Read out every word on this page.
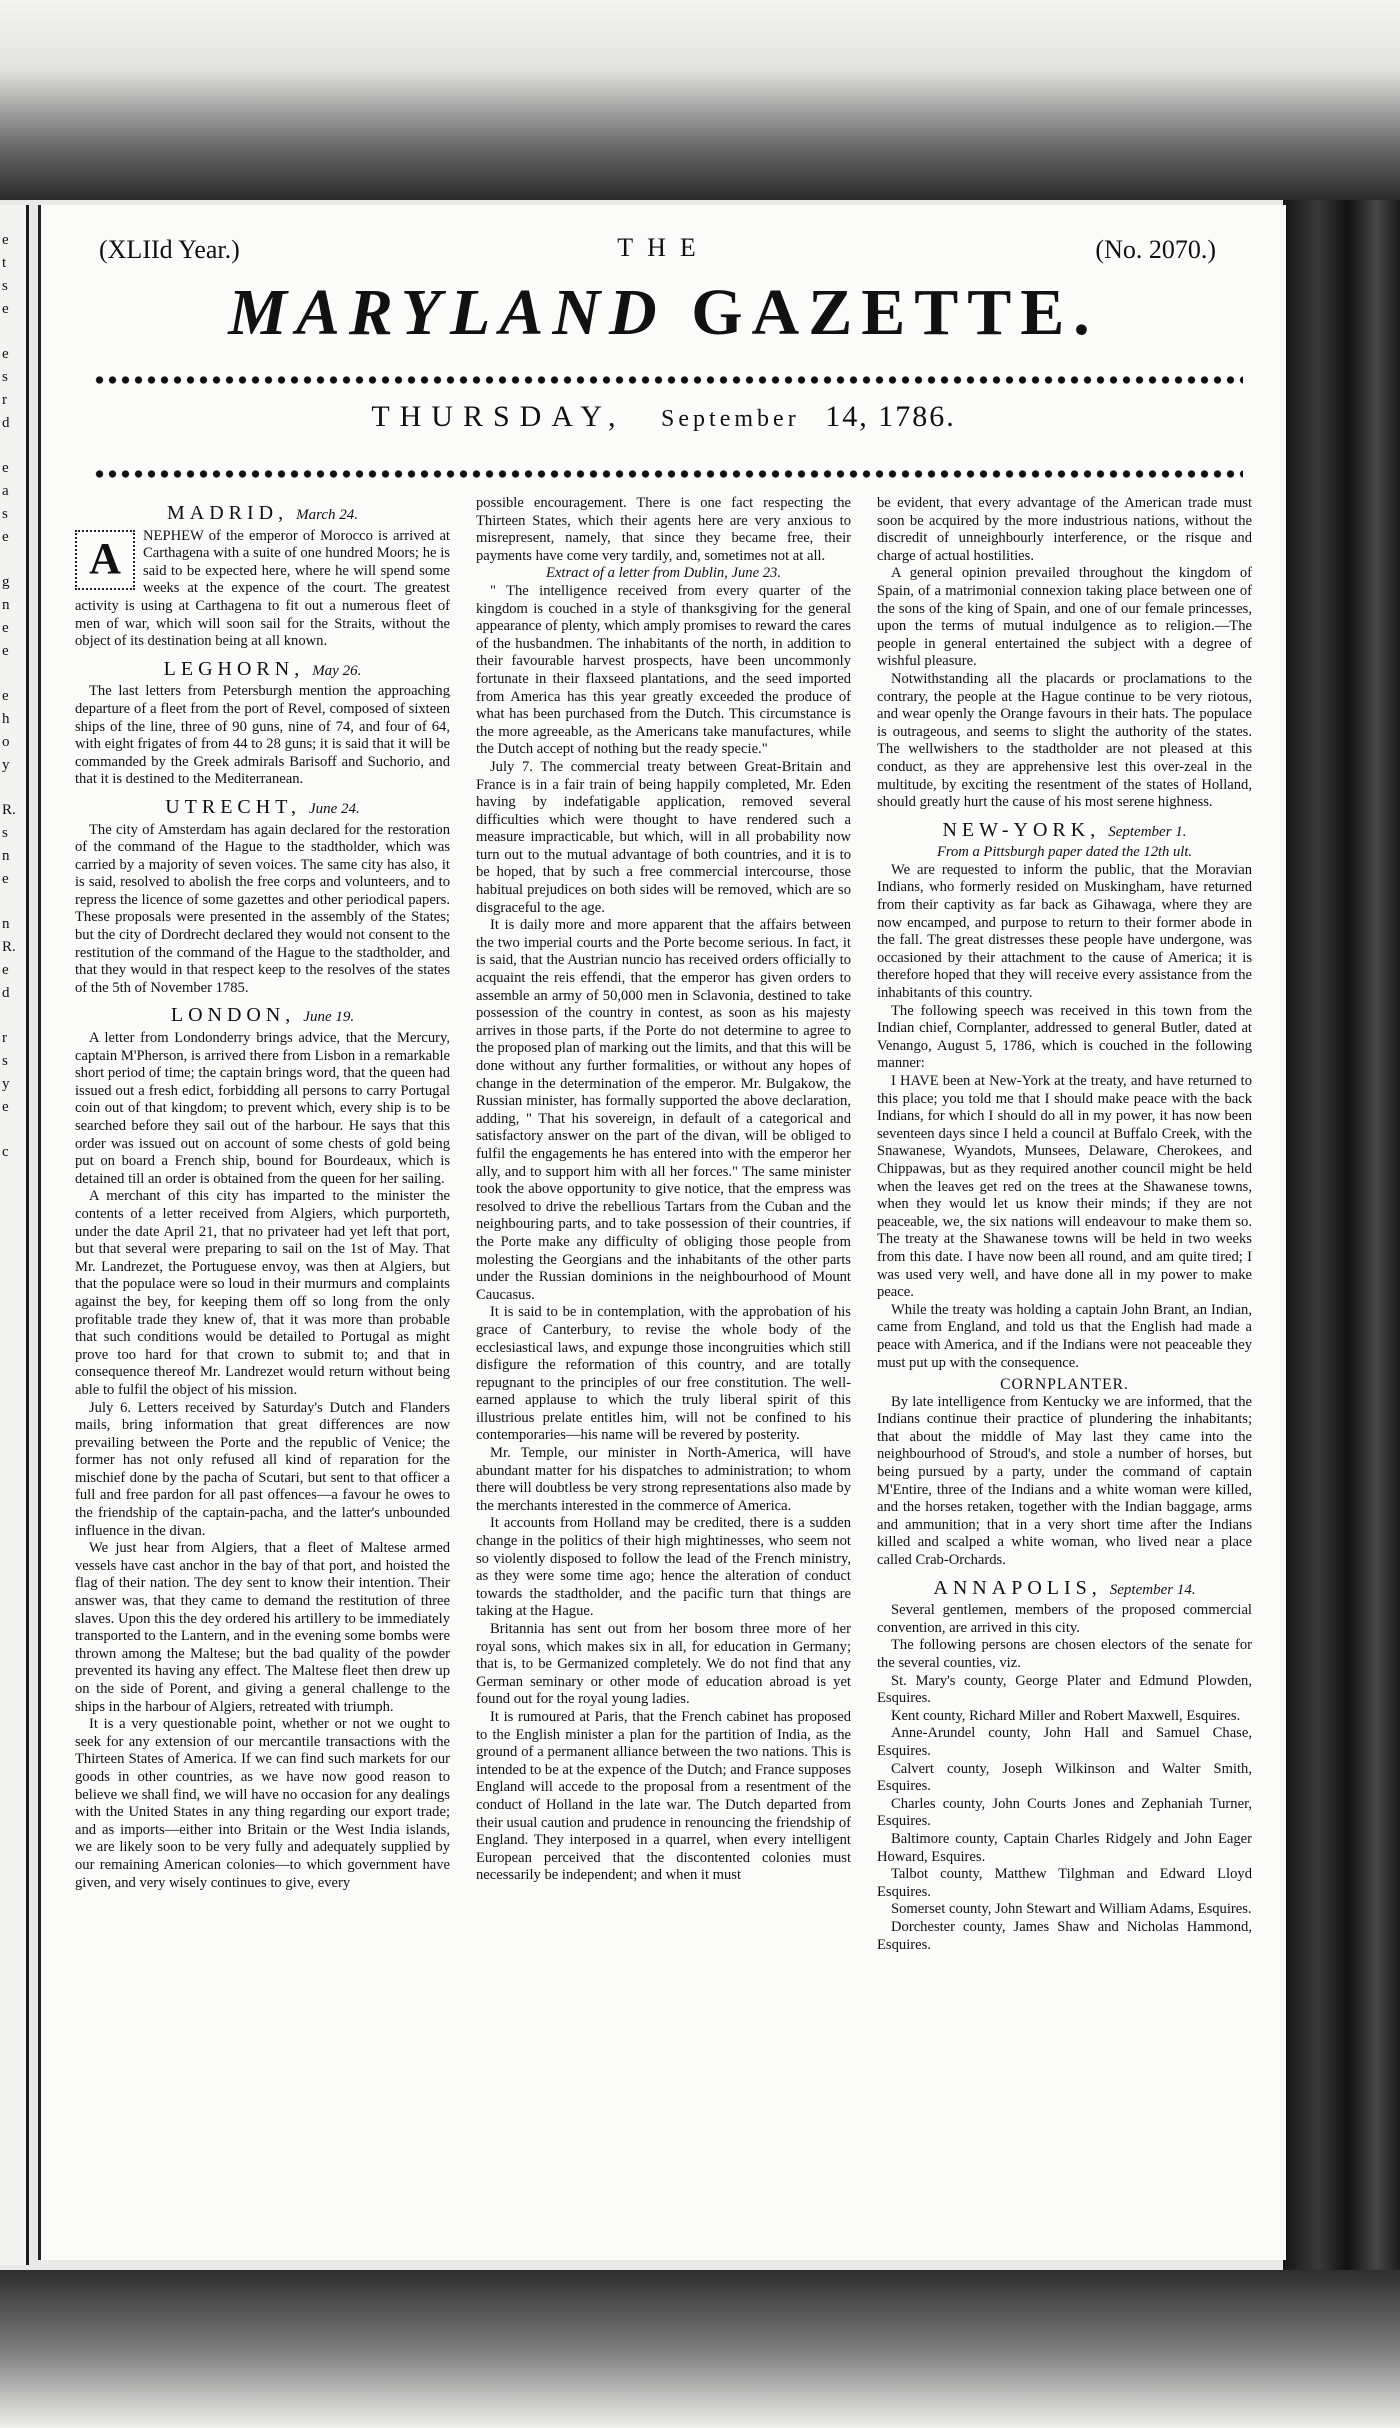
e
t
s
e
e
s
r
d
e
a
s
e
g
n
e
e
e
h
o
y
R.
s
n
e
n
R.
e
d
r
s
y
e
c
(XLIId Year.)	THE	(No. 2070.)
MARYLAND GAZETTE.
THURSDAY, September 14, 1786.
MADRID, March 24.

A	NEPHEW of the emperor of Morocco is arrived at Carthagena with a suite of one hundred Moors; he is said to be expected here, where he will spend some weeks at the expence of the court. The greatest activity is using at Carthagena to fit out a numerous fleet of men of war, which will soon sail for the Straits, without the object of its destination being at all known.

LEGHORN, May 26.

The last letters from Petersburgh mention the approaching departure of a fleet from the port of Revel, composed of sixteen ships of the line, three of 90 guns, nine of 74, and four of 64, with eight frigates of from 44 to 28 guns; it is said that it will be commanded by the Greek admirals Barisoff and Suchorio, and that it is destined to the Mediterranean.

UTRECHT, June 24.

The city of Amsterdam has again declared for the restoration of the command of the Hague to the stadtholder, which was carried by a majority of seven voices. The same city has also, it is said, resolved to abolish the free corps and volunteers, and to repress the licence of some gazettes and other periodical papers. These proposals were presented in the assembly of the States; but the city of Dordrecht declared they would not consent to the restitution of the command of the Hague to the stadtholder, and that they would in that respect keep to the resolves of the states of the 5th of November 1785.

LONDON, June 19.

A letter from Londonderry brings advice, that the Mercury, captain M'Pherson, is arrived there from Lisbon in a remarkable short period of time; the captain brings word, that the queen had issued out a fresh edict, forbidding all persons to carry Portugal coin out of that kingdom; to prevent which, every ship is to be searched before they sail out of the harbour. He says that this order was issued out on account of some chests of gold being put on board a French ship, bound for Bourdeaux, which is detained till an order is obtained from the queen for her sailing.

A merchant of this city has imparted to the minister the contents of a letter received from Algiers, which purporteth, under the date April 21, that no privateer had yet left that port, but that several were preparing to sail on the 1st of May. That Mr. Landrezet, the Portuguese envoy, was then at Algiers, but that the populace were so loud in their murmurs and complaints against the bey, for keeping them off so long from the only profitable trade they knew of, that it was more than probable that such conditions would be detailed to Portugal as might prove too hard for that crown to submit to; and that in consequence thereof Mr. Landrezet would return without being able to fulfil the object of his mission.

July 6. Letters received by Saturday's Dutch and Flanders mails, bring information that great differences are now prevailing between the Porte and the republic of Venice; the former has not only refused all kind of reparation for the mischief done by the pacha of Scutari, but sent to that officer a full and free pardon for all past offences—a favour he owes to the friendship of the captain-pacha, and the latter's unbounded influence in the divan.

We just hear from Algiers, that a fleet of Maltese armed vessels have cast anchor in the bay of that port, and hoisted the flag of their nation. The dey sent to know their intention. Their answer was, that they came to demand the restitution of three slaves. Upon this the dey ordered his artillery to be immediately transported to the Lantern, and in the evening some bombs were thrown among the Maltese; but the bad quality of the powder prevented its having any effect. The Maltese fleet then drew up on the side of Porent, and giving a general challenge to the ships in the harbour of Algiers, retreated with triumph.

It is a very questionable point, whether or not we ought to seek for any extension of our mercantile transactions with the Thirteen States of America. If we can find such markets for our goods in other countries, as we have now good reason to believe we shall find, we will have no occasion for any dealings with the United States in any thing regarding our export trade; and as imports—either into Britain or the West India islands, we are likely soon to be very fully and adequately supplied by our remaining American colonies—to which government have given, and very wisely continues to give, every

possible encouragement. There is one fact respecting the Thirteen States, which their agents here are very anxious to misrepresent, namely, that since they became free, their payments have come very tardily, and, sometimes not at all.

Extract of a letter from Dublin, June 23.

" The intelligence received from every quarter of the kingdom is couched in a style of thanksgiving for the general appearance of plenty, which amply promises to reward the cares of the husbandmen. The inhabitants of the north, in addition to their favourable harvest prospects, have been uncommonly fortunate in their flaxseed plantations, and the seed imported from America has this year greatly exceeded the produce of what has been purchased from the Dutch. This circumstance is the more agreeable, as the Americans take manufactures, while the Dutch accept of nothing but the ready specie."

July 7. The commercial treaty between Great-Britain and France is in a fair train of being happily completed, Mr. Eden having by indefatigable application, removed several difficulties which were thought to have rendered such a measure impracticable, but which, will in all probability now turn out to the mutual advantage of both countries, and it is to be hoped, that by such a free commercial intercourse, those habitual prejudices on both sides will be removed, which are so disgraceful to the age.

It is daily more and more apparent that the affairs between the two imperial courts and the Porte become serious. In fact, it is said, that the Austrian nuncio has received orders officially to acquaint the reis effendi, that the emperor has given orders to assemble an army of 50,000 men in Sclavonia, destined to take possession of the country in contest, as soon as his majesty arrives in those parts, if the Porte do not determine to agree to the proposed plan of marking out the limits, and that this will be done without any further formalities, or without any hopes of change in the determination of the emperor. Mr. Bulgakow, the Russian minister, has formally supported the above declaration, adding, " That his sovereign, in default of a categorical and satisfactory answer on the part of the divan, will be obliged to fulfil the engagements he has entered into with the emperor her ally, and to support him with all her forces." The same minister took the above opportunity to give notice, that the empress was resolved to drive the rebellious Tartars from the Cuban and the neighbouring parts, and to take possession of their countries, if the Porte make any difficulty of obliging those people from molesting the Georgians and the inhabitants of the other parts under the Russian dominions in the neighbourhood of Mount Caucasus.

It is said to be in contemplation, with the approbation of his grace of Canterbury, to revise the whole body of the ecclesiastical laws, and expunge those incongruities which still disfigure the reformation of this country, and are totally repugnant to the principles of our free constitution. The well-earned applause to which the truly liberal spirit of this illustrious prelate entitles him, will not be confined to his contemporaries—his name will be revered by posterity.

Mr. Temple, our minister in North-America, will have abundant matter for his dispatches to administration; to whom there will doubtless be very strong representations also made by the merchants interested in the commerce of America.

It accounts from Holland may be credited, there is a sudden change in the politics of their high mightinesses, who seem not so violently disposed to follow the lead of the French ministry, as they were some time ago; hence the alteration of conduct towards the stadtholder, and the pacific turn that things are taking at the Hague.

Britannia has sent out from her bosom three more of her royal sons, which makes six in all, for education in Germany; that is, to be Germanized completely. We do not find that any German seminary or other mode of education abroad is yet found out for the royal young ladies.

It is rumoured at Paris, that the French cabinet has proposed to the English minister a plan for the partition of India, as the ground of a permanent alliance between the two nations. This is intended to be at the expence of the Dutch; and France supposes England will accede to the proposal from a resentment of the conduct of Holland in the late war. The Dutch departed from their usual caution and prudence in renouncing the friendship of England. They interposed in a quarrel, when every intelligent European perceived that the discontented colonies must necessarily be independent; and when it must

be evident, that every advantage of the American trade must soon be acquired by the more industrious nations, without the discredit of unneighbourly interference, or the risque and charge of actual hostilities.

A general opinion prevailed throughout the kingdom of Spain, of a matrimonial connexion taking place between one of the sons of the king of Spain, and one of our female princesses, upon the terms of mutual indulgence as to religion.—The people in general entertained the subject with a degree of wishful pleasure.

Notwithstanding all the placards or proclamations to the contrary, the people at the Hague continue to be very riotous, and wear openly the Orange favours in their hats. The populace is outrageous, and seems to slight the authority of the states. The wellwishers to the stadtholder are not pleased at this conduct, as they are apprehensive lest this over-zeal in the multitude, by exciting the resentment of the states of Holland, should greatly hurt the cause of his most serene highness.

NEW-YORK, September 1.

From a Pittsburgh paper dated the 12th ult.

We are requested to inform the public, that the Moravian Indians, who formerly resided on Muskingham, have returned from their captivity as far back as Gihawaga, where they are now encamped, and purpose to return to their former abode in the fall. The great distresses these people have undergone, was occasioned by their attachment to the cause of America; it is therefore hoped that they will receive every assistance from the inhabitants of this country.

The following speech was received in this town from the Indian chief, Cornplanter, addressed to general Butler, dated at Venango, August 5, 1786, which is couched in the following manner:

I HAVE been at New-York at the treaty, and have returned to this place; you told me that I should make peace with the back Indians, for which I should do all in my power, it has now been seventeen days since I held a council at Buffalo Creek, with the Snawanese, Wyandots, Munsees, Delaware, Cherokees, and Chippawas, but as they required another council might be held when the leaves get red on the trees at the Shawanese towns, when they would let us know their minds; if they are not peaceable, we, the six nations will endeavour to make them so. The treaty at the Shawanese towns will be held in two weeks from this date. I have now been all round, and am quite tired; I was used very well, and have done all in my power to make peace.

While the treaty was holding a captain John Brant, an Indian, came from England, and told us that the English had made a peace with America, and if the Indians were not peaceable they must put up with the consequence.

CORNPLANTER.

By late intelligence from Kentucky we are informed, that the Indians continue their practice of plundering the inhabitants; that about the middle of May last they came into the neighbourhood of Stroud's, and stole a number of horses, but being pursued by a party, under the command of captain M'Entire, three of the Indians and a white woman were killed, and the horses retaken, together with the Indian baggage, arms and ammunition; that in a very short time after the Indians killed and scalped a white woman, who lived near a place called Crab-Orchards.

ANNAPOLIS, September 14.

Several gentlemen, members of the proposed commercial convention, are arrived in this city.

The following persons are chosen electors of the senate for the several counties, viz.

St. Mary's county, George Plater and Edmund Plowden, Esquires.

Kent county, Richard Miller and Robert Maxwell, Esquires.

Anne-Arundel county, John Hall and Samuel Chase, Esquires.

Calvert county, Joseph Wilkinson and Walter Smith, Esquires.

Charles county, John Courts Jones and Zephaniah Turner, Esquires.

Baltimore county, Captain Charles Ridgely and John Eager Howard, Esquires.

Talbot county, Matthew Tilghman and Edward Lloyd Esquires.

Somerset county, John Stewart and William Adams, Esquires.

Dorchester county, James Shaw and Nicholas Hammond, Esquires.
